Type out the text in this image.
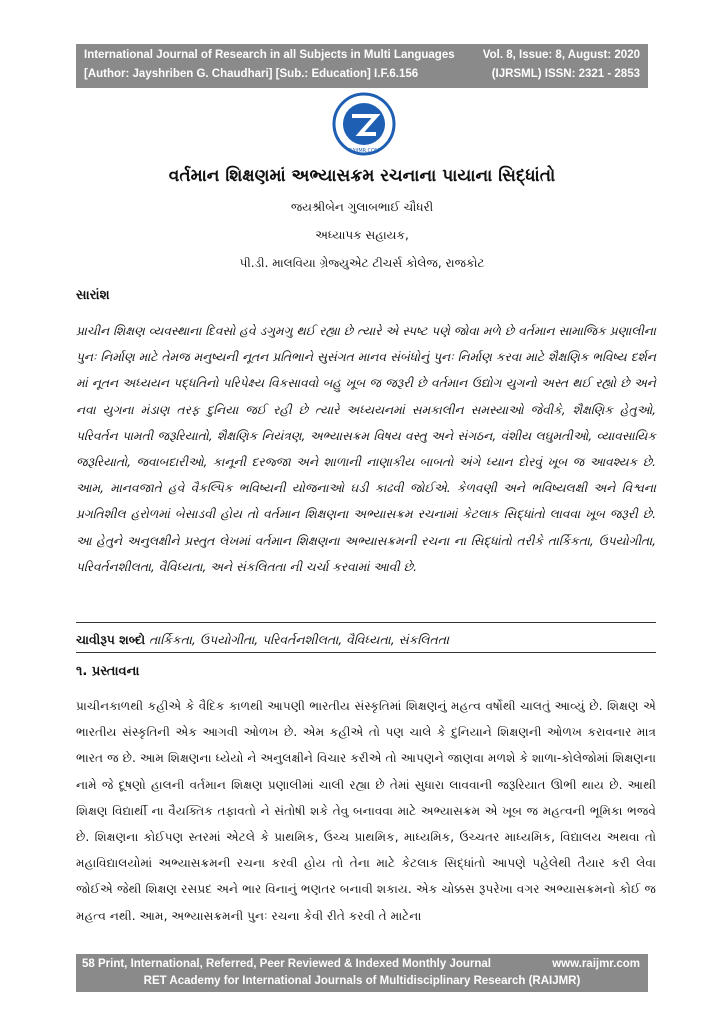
International Journal of Research in all Subjects in Multi Languages
[Author: Jayshriben G. Chaudhari] [Sub.: Education] I.F.6.156
Vol. 8, Issue: 8, August: 2020
(IJRSML) ISSN: 2321 - 2853
RAIJMR.COM
વર્તમાન શિક્ષણમાં અભ્યાસક્રમ રચનાના પાયાના સિદ્ધાંતો
જયશ્રીબેન ગુલાબભાઈ ચૌધરી
અધ્યાપક સહાયક,
પી.ડી. માલવિયા ગ્રેજ્યુએટ ટીચર્સ કોલેજ, રાજકોટ
સારાંશ
પ્રાચીન શિક્ષણ વ્યવસ્થાના દિવસો હવે ડગુમગુ થઈ રહ્યા છે ત્યારે એ સ્પષ્ટ પણે જોવા મળે છે વર્તમાન સામાજિક પ્રણાલીના પુનઃ નિર્માણ માટે તેમજ મનુષ્યની નૂતન પ્રતિભાને સુસંગત માનવ સંબંધોનું પુનઃ નિર્માણ કરવા માટે શૈક્ષણિક ભવિષ્ય દર્શન માં નૂતન અધ્યયન પદ્ધતિનો પરિપેક્ષ્ય વિકસાવવો બહુ ખૂબ જ જરૂરી છે વર્તમાન ઉદ્યોગ યુગનો અસ્ત થઈ રહ્યો છે અને નવા યુગના મંડાણ તરફ દુનિયા જઈ રહી છે ત્યારે અધ્યયનમાં સમકાલીન સમસ્યાઓ જેવીકે, શૈક્ષણિક હેતુઓ, પરિવર્તન પામતી જરૂરિયાતો, શૈક્ષણિક નિયંત્રણ, અભ્યાસક્રમ વિષય વસ્તુ અને સંગઠન, વંશીય લઘુમતીઓ, વ્યાવસાયિક જરૂરિયાતો, જવાબદારીઓ, કાનૂની દરજ્જા અને શાળાની નાણાકીય બાબતો અંગે ધ્યાન દોરવું ખૂબ જ આવશ્યક છે. આમ, માનવજાતે હવે વૈકલ્પિક ભવિષ્યની યોજનાઓ ઘડી કાઢવી જોઈએ. કેળવણી અને ભવિષ્યલક્ષી અને વિશ્વના પ્રગતિશીલ હરોળમાં બેસાડવી હોય તો વર્તમાન શિક્ષણના અભ્યાસક્રમ રચનામાં કેટલાક સિદ્ધાંતો લાવવા ખૂબ જરૂરી છે. આ હેતુને અનુલક્ષીને પ્રસ્તુત લેખમાં વર્તમાન શિક્ષણના અભ્યાસક્રમની રચના ના સિદ્ધાંતો તરીકે તાર્કિકતા, ઉપયોગીતા, પરિવર્તનશીલતા, વૈવિધ્યતા, અને સંકલિતતા ની ચર્ચા કરવામાં આવી છે.
ચાવીરૂપ શબ્દો તાર્કિકતા, ઉપયોગીતા, પરિવર્તનશીલતા, વૈવિધ્યતા, સંકલિતતા
૧. પ્રસ્તાવના
પ્રાચીનકાળથી કહીએ કે વૈદિક કાળથી આપણી ભારતીય સંસ્કૃતિમાં શિક્ષણનું મહત્વ વર્ષોથી ચાલતું આવ્યું છે. શિક્ષણ એ ભારતીય સંસ્કૃતિની એક આગવી ઓળખ છે. એમ કહીએ તો પણ ચાલે કે દુનિયાને શિક્ષણની ઓળખ કરાવનાર માત્ર ભારત જ છે. આમ શિક્ષણના ધ્યેયો ને અનુલક્ષીને વિચાર કરીએ તો આપણને જાણવા મળશે કે શાળા-કોલેજોમાં શિક્ષણના નામે જે દૂષણો હાલની વર્તમાન શિક્ષણ પ્રણાલીમાં ચાલી રહ્યા છે તેમાં સુધારા લાવવાની જરૂરિયાત ઊભી થાય છે. આથી શિક્ષણ વિદ્યાર્થી ના વૈયક્તિક તફાવતો ને સંતોષી શકે તેવુ બનાવવા માટે અભ્યાસક્રમ એ ખૂબ જ મહત્વની ભૂમિકા ભજવે છે. શિક્ષણના કોઈપણ સ્તરમાં એટલે કે પ્રાથમિક, ઉચ્ચ પ્રાથમિક, માધ્યમિક, ઉચ્ચતર માધ્યમિક, વિદ્યાલય અથવા તો મહાવિદ્યાલયોમાં અભ્યાસક્રમની રચના કરવી હોય તો તેના માટે કેટલાક સિદ્ધાંતો આપણે પહેલેથી તૈયાર કરી લેવા જોઈએ જેથી શિક્ષણ રસપ્રદ અને ભાર વિનાનું ભણતર બનાવી શકાય. એક ચોક્કસ રૂપરેખા વગર અભ્યાસક્રમનો કોઈ જ મહત્વ નથી. આમ, અભ્યાસક્રમની પુનઃ રચના કેવી રીતે કરવી તે માટેના
58 Print, International, Referred, Peer Reviewed & Indexed Monthly Journal	www.raijmr.com
RET Academy for International Journals of Multidisciplinary Research (RAIJMR)
